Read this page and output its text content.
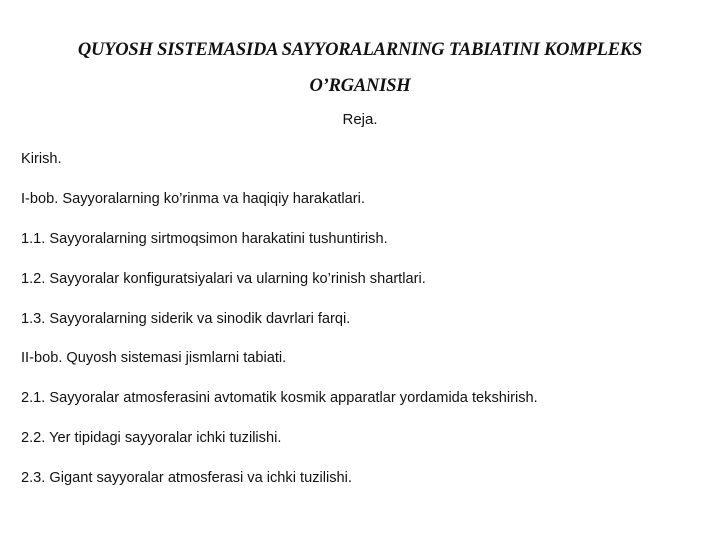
QUYOSH SISTEMASIDA SAYYORALARNING TABIATINI KOMPLEKS
O’RGANISH
Reja.
Kirish.
I-bob. Sayyoralarning ko’rinma va haqiqiy harakatlari.
1.1. Sayyoralarning sirtmoqsimon harakatini tushuntirish.
1.2. Sayyoralar konfiguratsiyalari va ularning ko’rinish shartlari.
1.3. Sayyoralarning siderik va sinodik davrlari farqi.
II-bob. Quyosh sistemasi jismlarni tabiati.
2.1. Sayyoralar atmosferasini avtomatik kosmik apparatlar yordamida tekshirish.
2.2. Yer tipidagi sayyoralar ichki tuzilishi.
2.3. Gigant sayyoralar atmosferasi va ichki tuzilishi.
